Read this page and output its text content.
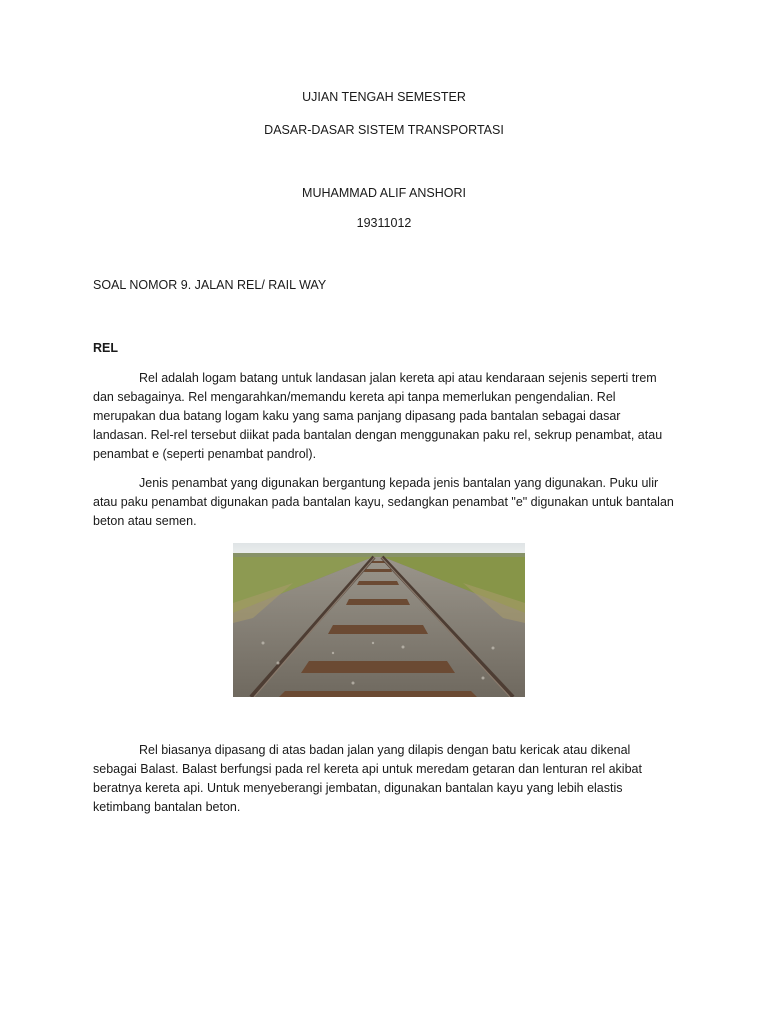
UJIAN TENGAH SEMESTER
DASAR-DASAR SISTEM TRANSPORTASI
MUHAMMAD ALIF ANSHORI
19311012
SOAL NOMOR 9. JALAN REL/ RAIL WAY
REL

Rel adalah logam batang untuk landasan jalan kereta api atau kendaraan sejenis seperti trem dan sebagainya. Rel mengarahkan/memandu kereta api tanpa memerlukan pengendalian. Rel merupakan dua batang logam kaku yang sama panjang dipasang pada bantalan sebagai dasar landasan. Rel-rel tersebut diikat pada bantalan dengan menggunakan paku rel, sekrup penambat, atau penambat e (seperti penambat pandrol).

Jenis penambat yang digunakan bergantung kepada jenis bantalan yang digunakan. Puku ulir atau paku penambat digunakan pada bantalan kayu, sedangkan penambat "e" digunakan untuk bantalan beton atau semen.

Rel biasanya dipasang di atas badan jalan yang dilapis dengan batu kericak atau dikenal sebagai Balast. Balast berfungsi pada rel kereta api untuk meredam getaran dan lenturan rel akibat beratnya kereta api. Untuk menyeberangi jembatan, digunakan bantalan kayu yang lebih elastis ketimbang bantalan beton.
